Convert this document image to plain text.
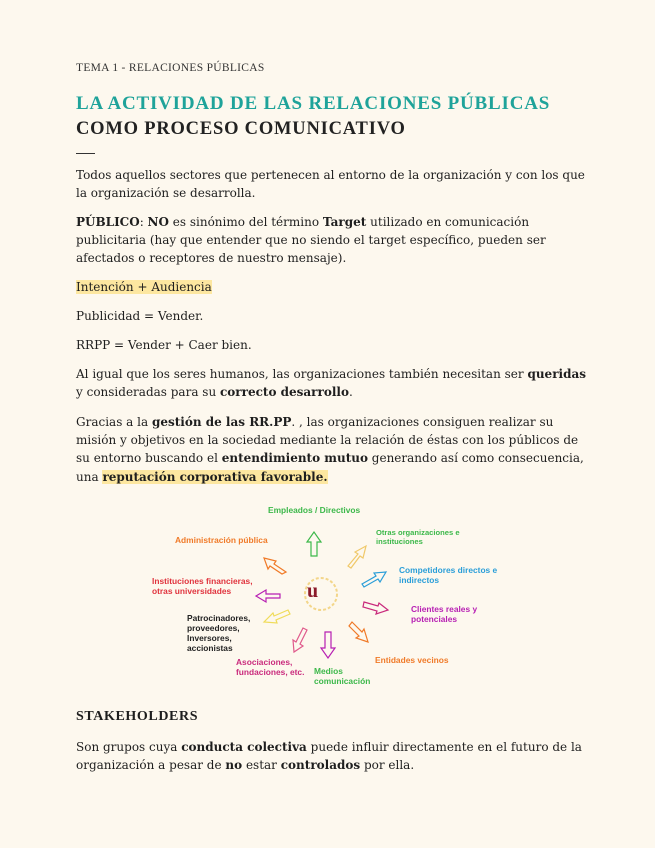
TEMA 1 - RELACIONES PÚBLICAS
LA ACTIVIDAD DE LAS RELACIONES PÚBLICAS
COMO PROCESO COMUNICATIVO
Todos aquellos sectores que pertenecen al entorno de la organización y con los que la organización se desarrolla.
PÚBLICO: NO es sinónimo del término Target utilizado en comunicación publicitaria (hay que entender que no siendo el target específico, pueden ser afectados o receptores de nuestro mensaje).
Intención + Audiencia
Publicidad = Vender.
RRPP = Vender + Caer bien.
Al igual que los seres humanos, las organizaciones también necesitan ser queridas y consideradas para su correcto desarrollo.
Gracias a la gestión de las RR.PP. , las organizaciones consiguen realizar su misión y objetivos en la sociedad mediante la relación de éstas con los públicos de su entorno buscando el entendimiento mutuo generando así como consecuencia, una reputación corporativa favorable.
STAKEHOLDERS
Son grupos cuya conducta colectiva puede influir directamente en el futuro de la organización a pesar de no estar controlados por ella.
u
Empleados / Directivos
Otras organizaciones e
instituciones
Administración pública
Competidores directos e
indirectos
Instituciones financieras,
otras universidades
Clientes reales y
potenciales
Patrocinadores,
proveedores,
Inversores,
accionistas
Entidades vecinos
Asociaciones,
fundaciones, etc. Medios
comunicación
